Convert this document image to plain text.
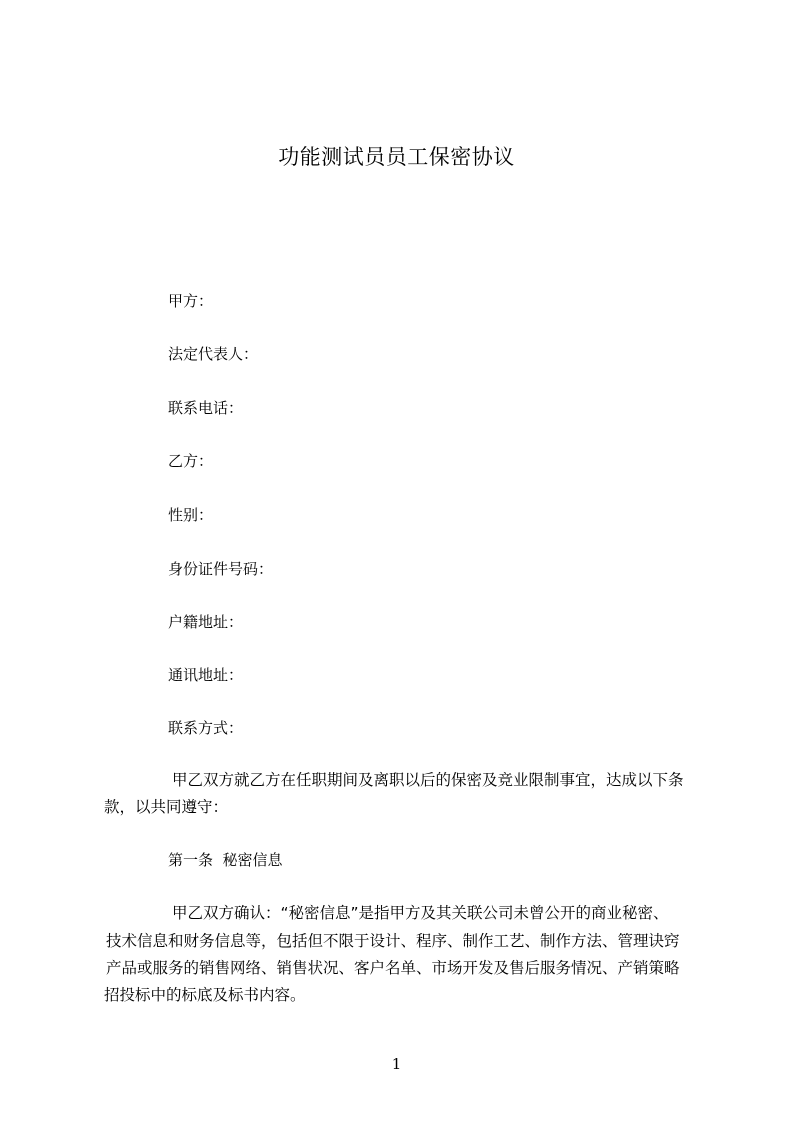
功能测试员员工保密协议

甲方：

法定代表人：

联系电话：

乙方：

性别：

身份证件号码：

户籍地址：

通讯地址：

联系方式：

甲乙双方就乙方在任职期间及离职以后的保密及竞业限制事宜，达成以下条

款，以共同遵守：

第一条  秘密信息

甲乙双方确认：“秘密信息”是指甲方及其关联公司未曾公开的商业秘密、

技术信息和财务信息等，包括但不限于设计、程序、制作工艺、制作方法、管理诀窍

产品或服务的销售网络、销售状况、客户名单、市场开发及售后服务情况、产销策略

招投标中的标底及标书内容。

1
